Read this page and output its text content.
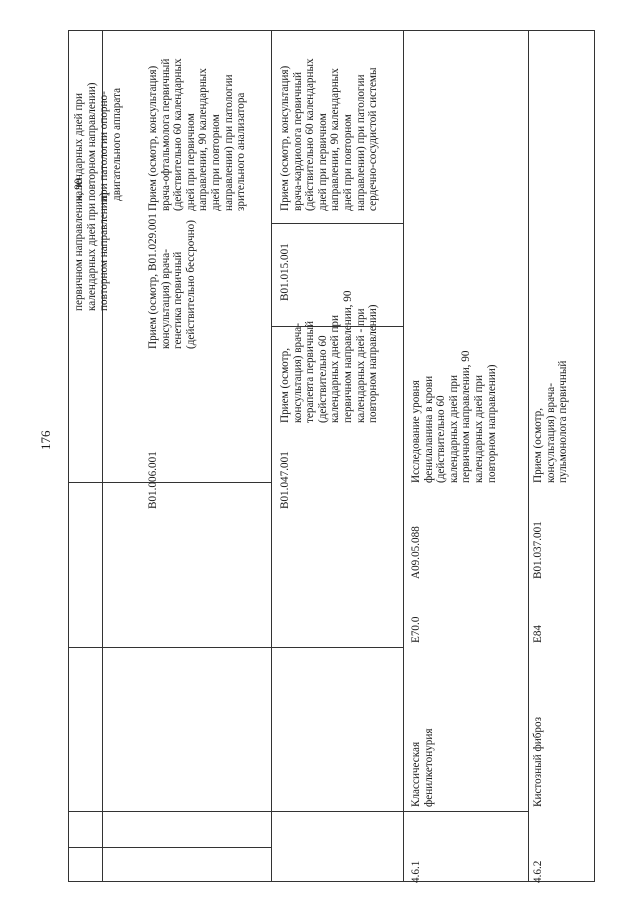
176
первичном направлении, 90 календарных дней при повторном направлении)
календарных дней при повторном направлении) при патологии опорно- двигательного аппарата
B01.006.001
Прием (осмотр, консультация) врача- генетика первичный (действительно бессрочно)
B01.029.001
Прием (осмотр, консультация) врача-офтальмолога первичный (действительно 60 календарных дней при первичном направлении, 90 календарных дней при повторном направлении) при патологии зрительного анализатора
B01.047.001
Прием (осмотр, консультация) врача- терапевта первичный (действительно 60 календарных дней при первичном направлении, 90 календарных дней - при повторном направлении)
B01.015.001
Прием (осмотр, консультация) врача-кардиолога первичный (действительно 60 календарных дней при первичном направлении, 90 календарных дней при повторном направлении) при патологии сердечно-сосудистой системы
4.6.1
Классическая фенилкетонурия
E70.0
A09.05.088
Исследование уровня фенилаланина в крови (действительно 60 календарных дней при первичном направлении, 90 календарных дней при повторном направлении)
4.6.2
Кистозный фиброз
E84
B01.037.001
Прием (осмотр, консультация) врача- пульмонолога первичный
